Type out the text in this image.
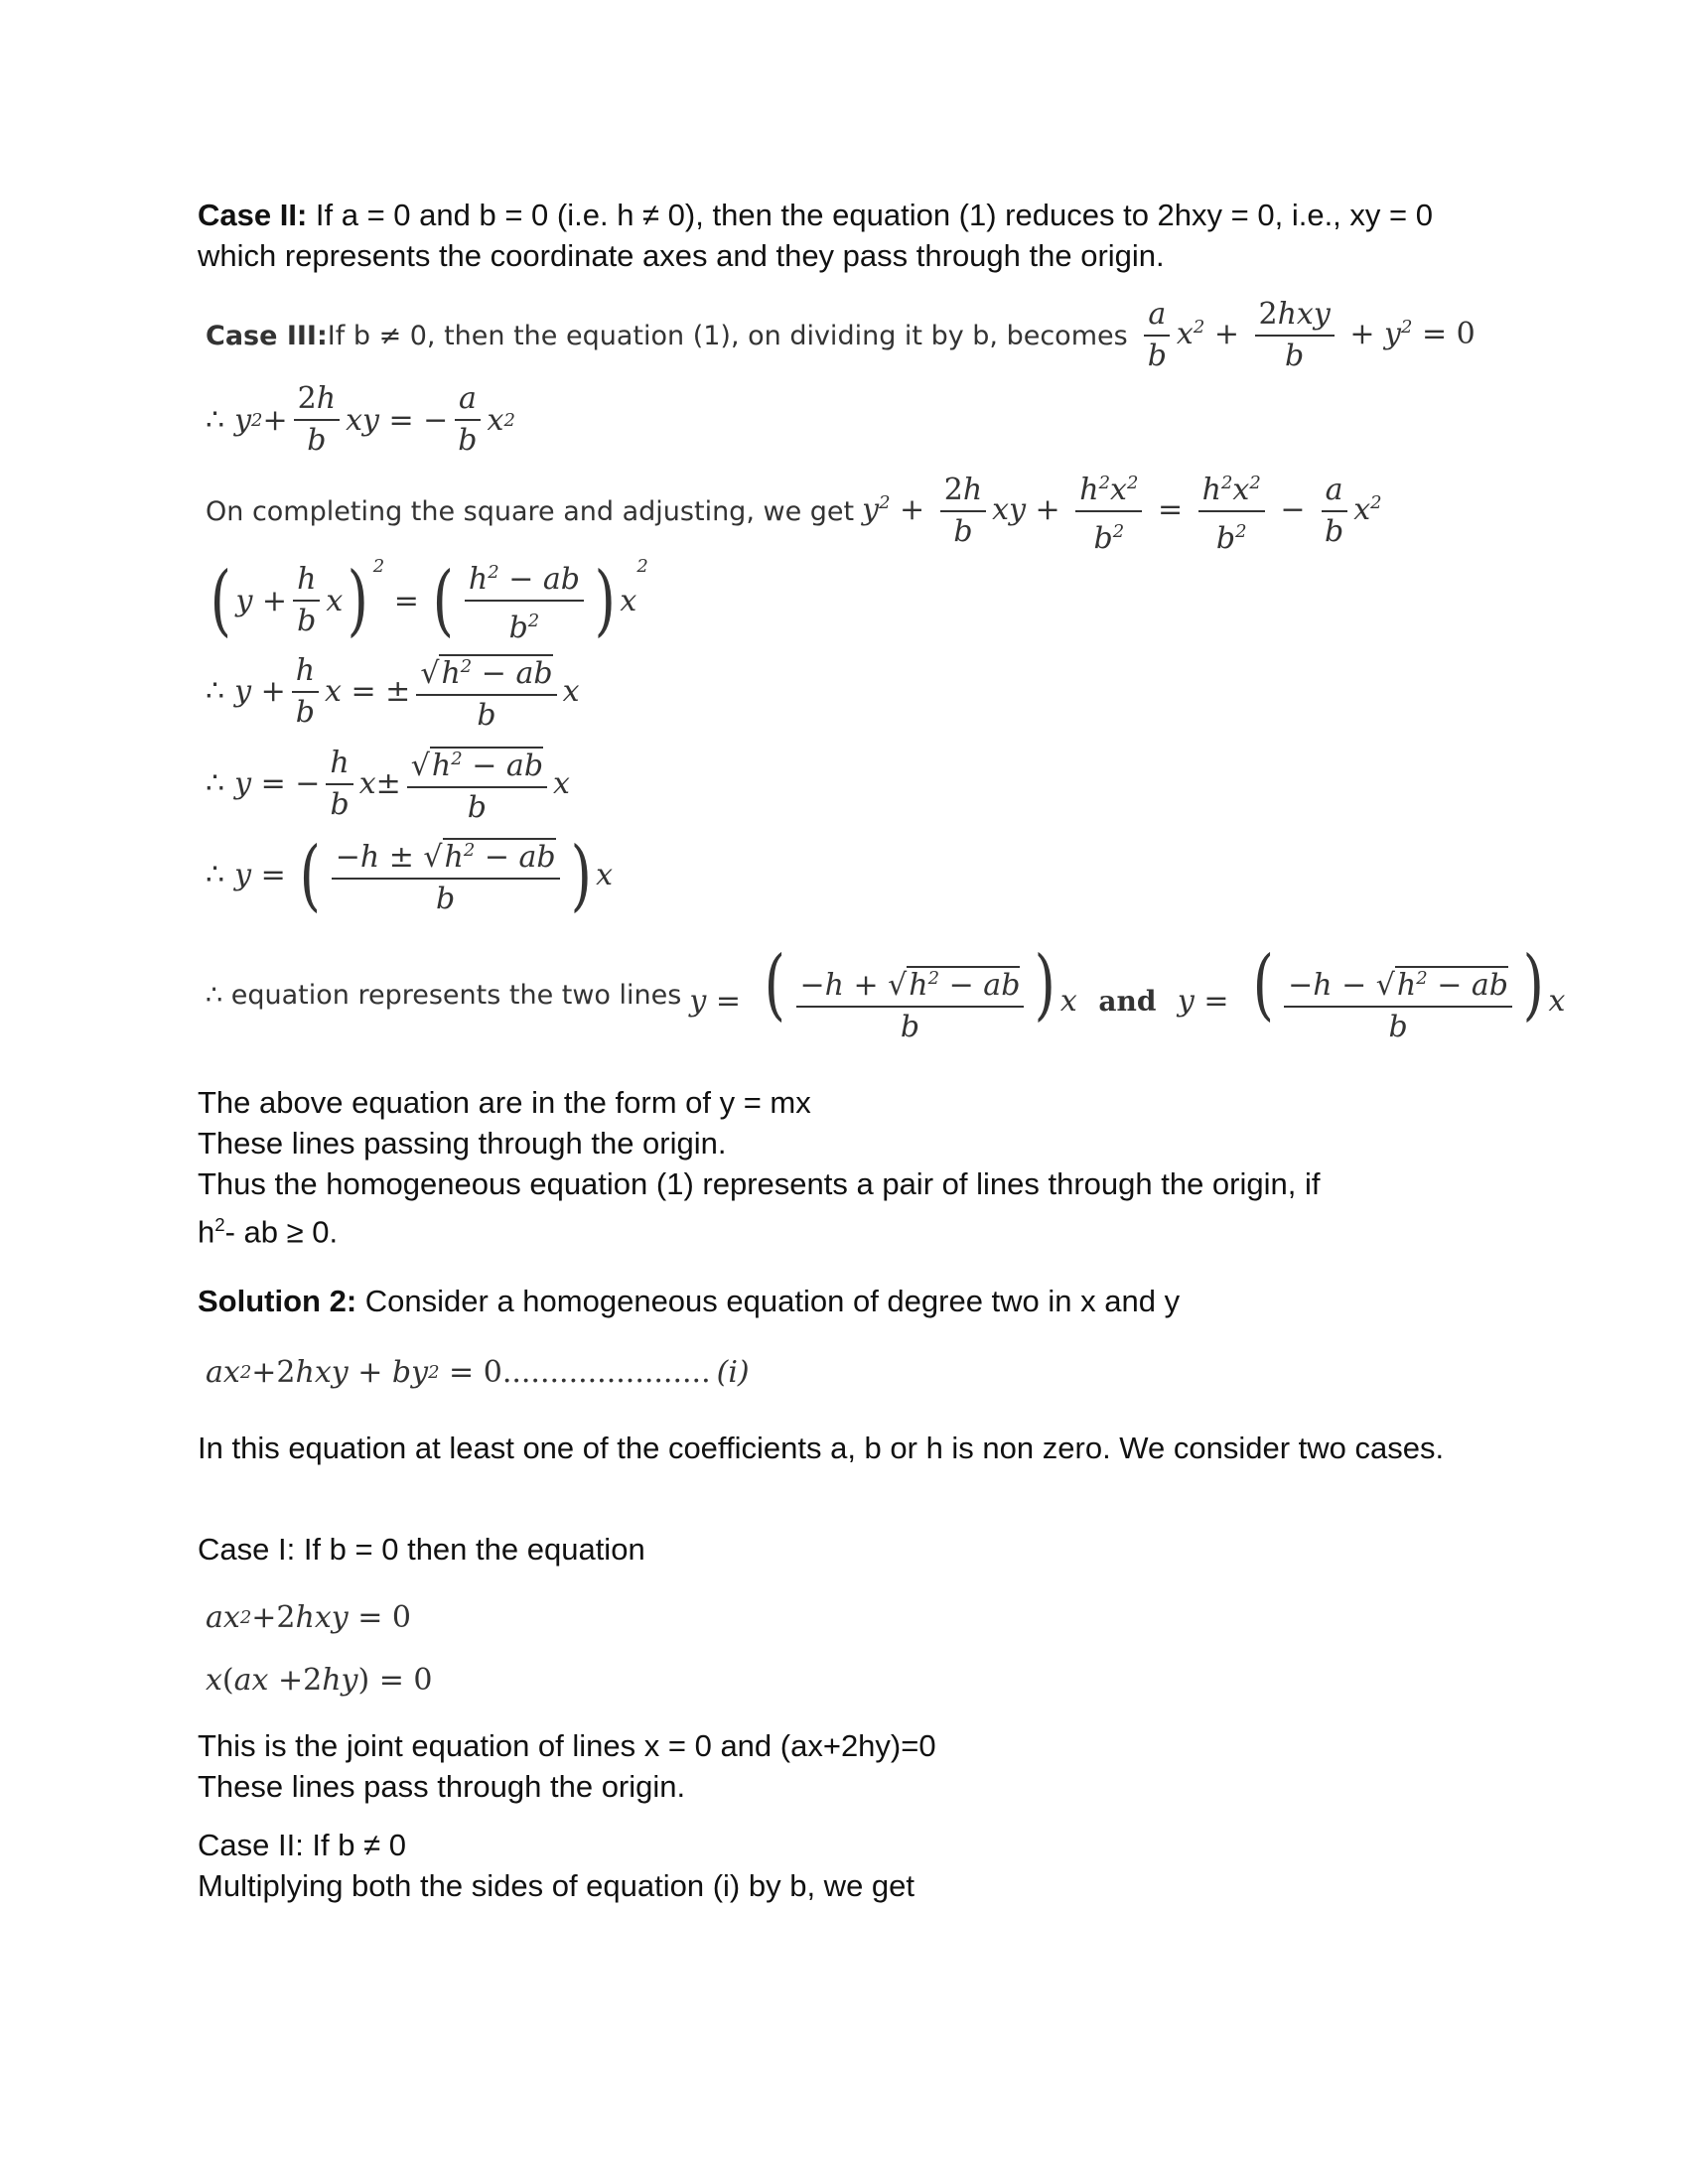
Case II: If a = 0 and b = 0 (i.e. h ≠ 0), then the equation (1) reduces to 2hxy = 0, i.e., xy = 0 which represents the coordinate axes and they pass through the origin.

Case III: If b ≠ 0, then the equation (1), on dividing it by b, becomes $\frac{a}{b} x^2 + \frac{\text{2hxy}}{b} + y^2 = 0$
∴ y $2 + \frac{2h}{b}$ xy = − $\frac{a}{b}$ x 2
On completing the square and adjusting, we get $y^2 + \frac{2h}{b}$ xy + $\frac{h^2x^2}{b^2} = \frac{h^2x^2}{b^2} - \frac{a}{b} x^2$
( $y + \frac{h}{b}$ x ) $^2$
= ( $\frac{h^2 - ab}{b^2}$ ) x
$^2$
∴ $y + \frac{h}{b}$ x = ± $\frac{√h^2 - ab}{b}$ x
∴ y = − $\frac{h}{b}$ $x \pm \frac{√h^2 - ab}{b}$ x
∴ y = ( $\frac{-h \pm √h^2 - ab}{b}$ ) x
∴ equation represents the two lines y =  ( $\frac{-h + √h^2 - ab}{b}$ ) x and y =  ( $\frac{-h - √h^2 - ab}{b}$ ) x

The above equation are in the form of y = mx

These lines passing through the origin.

Thus the homogeneous equation (1) represents a pair of lines through the origin, if

$h^2-$ ab ≥ 0.

Solution 2: Consider a homogeneous equation of degree two in x and y

ax 2 + 2 hxy + by 2 = 0...................... (i)

In this equation at least one of the coefficients a, b or h is non zero. We consider two cases.

Case I: If b = 0 then the equation

ax 2 + 2 hxy = 0
x ( ax + 2 hy ) = 0

This is the joint equation of lines x = 0 and (ax+2hy)=0

These lines pass through the origin.

Case II: If b ≠ 0

Multiplying both the sides of equation (i) by b, we get
